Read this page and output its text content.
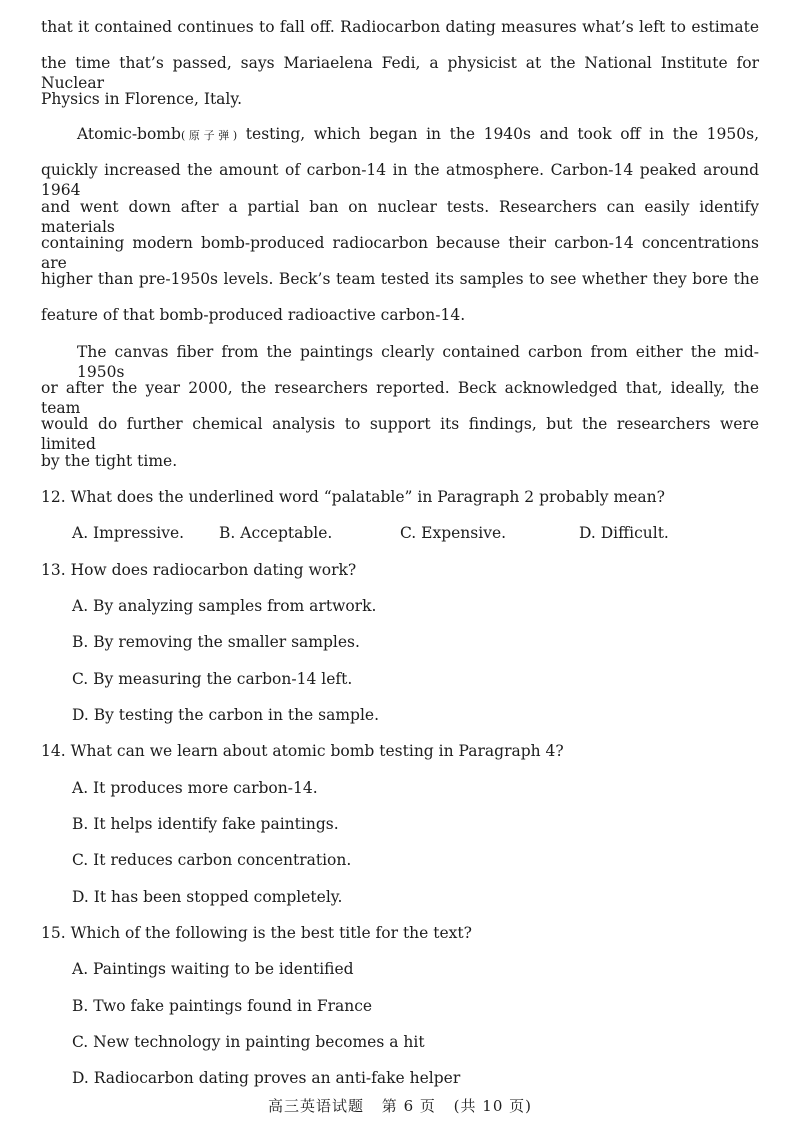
that it contained continues to fall off. Radiocarbon dating measures what’s left to estimate

the time that’s passed, says Mariaelena Fedi, a physicist at the National Institute for Nuclear

Physics in Florence, Italy.

Atomic-bomb(原子弹) testing, which began in the 1940s and took off in the 1950s,

quickly increased the amount of carbon-14 in the atmosphere. Carbon-14 peaked around 1964

and went down after a partial ban on nuclear tests. Researchers can easily identify materials

containing modern bomb-produced radiocarbon because their carbon-14 concentrations are

higher than pre-1950s levels. Beck’s team tested its samples to see whether they bore the

feature of that bomb-produced radioactive carbon-14.

The canvas fiber from the paintings clearly contained carbon from either the mid-1950s

or after the year 2000, the researchers reported. Beck acknowledged that, ideally, the team

would do further chemical analysis to support its findings, but the researchers were limited

by the tight time.

12. What does the underlined word “palatable” in Paragraph 2 probably mean?

A. Impressive. B. Acceptable.	C. Expensive.	D. Difficult.

13. How does radiocarbon dating work?

A. By analyzing samples from artwork.

B. By removing the smaller samples.

C. By measuring the carbon-14 left.

D. By testing the carbon in the sample.

14. What can we learn about atomic bomb testing in Paragraph 4?

A. It produces more carbon-14.

B. It helps identify fake paintings.

C. It reduces carbon concentration.

D. It has been stopped completely.

15. Which of the following is the best title for the text?

A. Paintings waiting to be identified

B. Two fake paintings found in France

C. New technology in painting becomes a hit

D. Radiocarbon dating proves an anti-fake helper

高三英语试题 第 6 页 (共 10 页)
